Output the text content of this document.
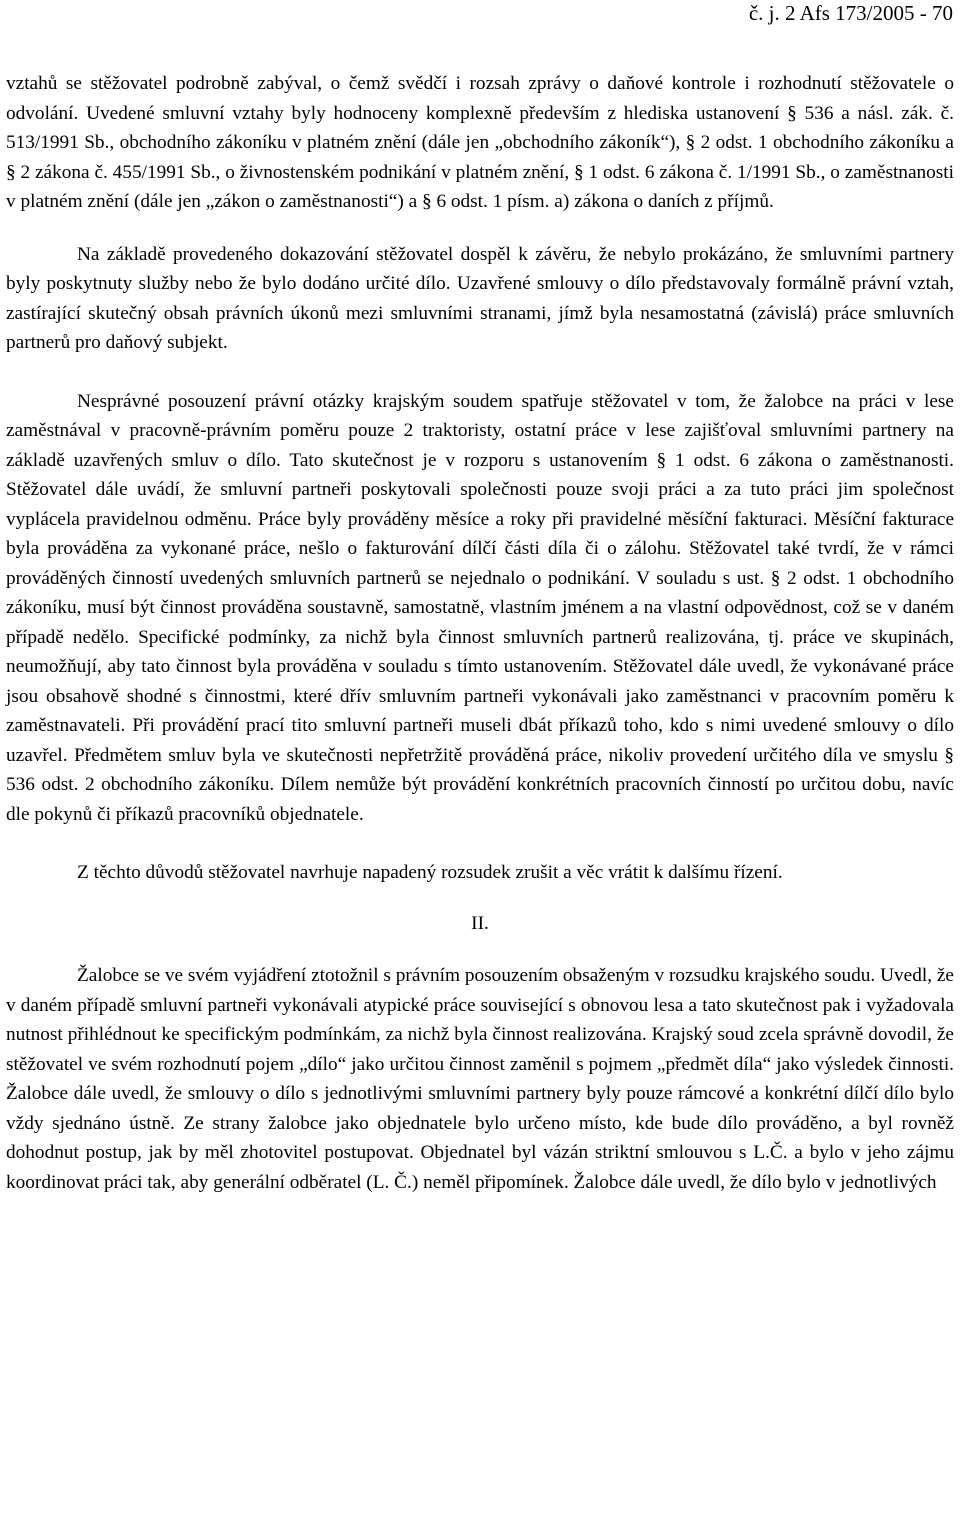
č. j. 2 Afs 173/2005 - 70

vztahů se stěžovatel podrobně zabýval, o čemž svědčí i rozsah zprávy o daňové kontrole i rozhodnutí stěžovatele o odvolání. Uvedené smluvní vztahy byly hodnoceny komplexně především z hlediska ustanovení § 536 a násl. zák. č. 513/1991 Sb., obchodního zákoníku v platném znění (dále jen „obchodního zákoník“), § 2 odst. 1 obchodního zákoníku a § 2 zákona č. 455/1991 Sb., o živnostenském podnikání v platném znění, § 1 odst. 6 zákona č. 1/1991 Sb., o zaměstnanosti v platném znění (dále jen „zákon o zaměstnanosti“) a § 6 odst. 1 písm. a) zákona o daních z příjmů.

Na základě provedeného dokazování stěžovatel dospěl k závěru, že nebylo prokázáno, že smluvními partnery byly poskytnuty služby nebo že bylo dodáno určité dílo. Uzavřené smlouvy o dílo představovaly formálně právní vztah, zastírající skutečný obsah právních úkonů mezi smluvními stranami, jímž byla nesamostatná (závislá) práce smluvních partnerů pro daňový subjekt.

Nesprávné posouzení právní otázky krajským soudem spatřuje stěžovatel v tom, že žalobce na práci v lese zaměstnával v pracovně-právním poměru pouze 2 traktoristy, ostatní práce v lese zajišťoval smluvními partnery na základě uzavřených smluv o dílo. Tato skutečnost je v rozporu s ustanovením § 1 odst. 6 zákona o zaměstnanosti. Stěžovatel dále uvádí, že smluvní partneři poskytovali společnosti pouze svoji práci a za tuto práci jim společnost vyplácela pravidelnou odměnu. Práce byly prováděny měsíce a roky při pravidelné měsíční fakturaci. Měsíční fakturace byla prováděna za vykonané práce, nešlo o fakturování dílčí části díla či o zálohu. Stěžovatel také tvrdí, že v rámci prováděných činností uvedených smluvních partnerů se nejednalo o podnikání. V souladu s ust. § 2 odst. 1 obchodního zákoníku, musí být činnost prováděna soustavně, samostatně, vlastním jménem a na vlastní odpovědnost, což se v daném případě nedělo. Specifické podmínky, za nichž byla činnost smluvních partnerů realizována, tj. práce ve skupinách, neumožňují, aby tato činnost byla prováděna v souladu s tímto ustanovením. Stěžovatel dále uvedl, že vykonávané práce jsou obsahově shodné s činnostmi, které dřív smluvním partneři vykonávali jako zaměstnanci v pracovním poměru k zaměstnavateli. Při provádění prací tito smluvní partneři museli dbát příkazů toho, kdo s nimi uvedené smlouvy o dílo uzavřel. Předmětem smluv byla ve skutečnosti nepřetržitě prováděná práce, nikoliv provedení určitého díla ve smyslu § 536 odst. 2 obchodního zákoníku. Dílem nemůže být provádění konkrétních pracovních činností po určitou dobu, navíc dle pokynů či příkazů pracovníků objednatele.

Z těchto důvodů stěžovatel navrhuje napadený rozsudek zrušit a věc vrátit k dalšímu řízení.

II.

Žalobce se ve svém vyjádření ztotožnil s právním posouzením obsaženým v rozsudku krajského soudu. Uvedl, že v daném případě smluvní partneři vykonávali atypické práce související s obnovou lesa a tato skutečnost pak i vyžadovala nutnost přihlédnout ke specifickým podmínkám, za nichž byla činnost realizována. Krajský soud zcela správně dovodil, že stěžovatel ve svém rozhodnutí pojem „dílo“ jako určitou činnost zaměnil s pojmem „předmět díla“ jako výsledek činnosti. Žalobce dále uvedl, že smlouvy o dílo s jednotlivými smluvními partnery byly pouze rámcové a konkrétní dílčí dílo bylo vždy sjednáno ústně. Ze strany žalobce jako objednatele bylo určeno místo, kde bude dílo prováděno, a byl rovněž dohodnut postup, jak by měl zhotovitel postupovat. Objednatel byl vázán striktní smlouvou s L.Č. a bylo v jeho zájmu koordinovat práci tak, aby generální odběratel (L. Č.) neměl připomínek. Žalobce dále uvedl, že dílo bylo v jednotlivých
